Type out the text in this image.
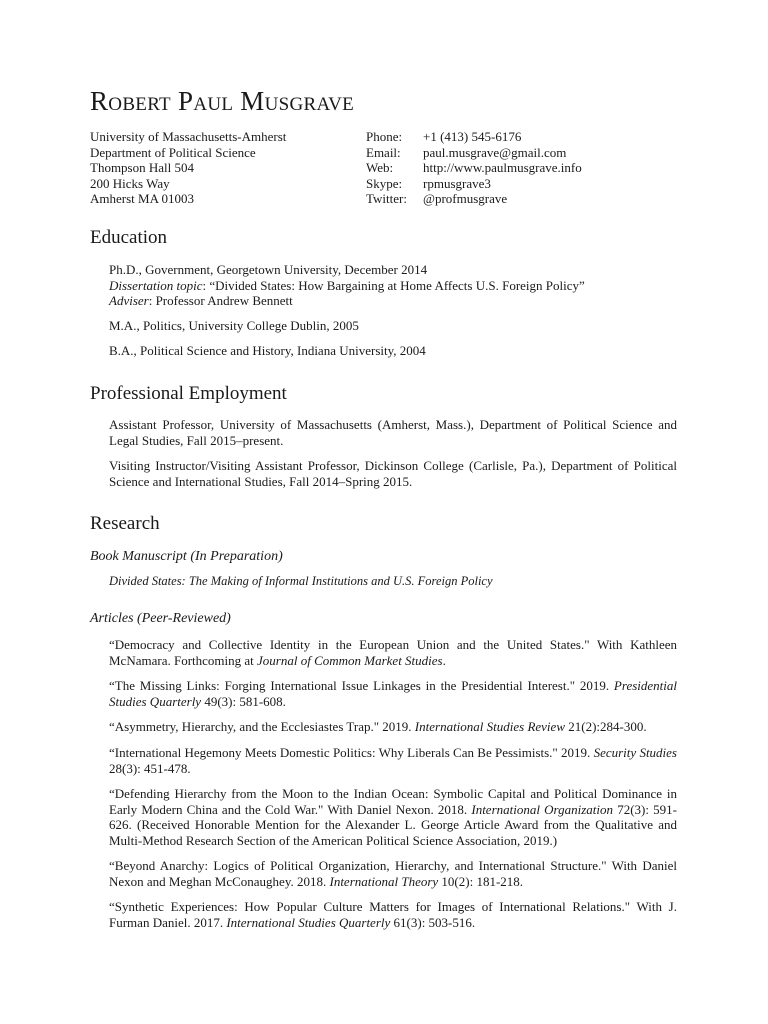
Robert Paul Musgrave
University of Massachusetts-Amherst
Department of Political Science
Thompson Hall 504
200 Hicks Way
Amherst MA 01003
Phone:	+1 (413) 545-6176
Email:	paul.musgrave@gmail.com
Web:	http://www.paulmusgrave.info
Skype:	rpmusgrave3
Twitter:	@profmusgrave
Education
Ph.D., Government, Georgetown University, December 2014
Dissertation topic: “Divided States: How Bargaining at Home Affects U.S. Foreign Policy”
Adviser: Professor Andrew Bennett
M.A., Politics, University College Dublin, 2005
B.A., Political Science and History, Indiana University, 2004
Professional Employment
Assistant Professor, University of Massachusetts (Amherst, Mass.), Department of Political Science and Legal Studies, Fall 2015–present.
Visiting Instructor/Visiting Assistant Professor, Dickinson College (Carlisle, Pa.), Department of Political Science and International Studies, Fall 2014–Spring 2015.
Research
Book Manuscript (In Preparation)
Divided States: The Making of Informal Institutions and U.S. Foreign Policy
Articles (Peer-Reviewed)
“Democracy and Collective Identity in the European Union and the United States." With Kathleen McNamara. Forthcoming at Journal of Common Market Studies.
“The Missing Links: Forging International Issue Linkages in the Presidential Interest." 2019. Presidential Studies Quarterly 49(3): 581-608.
“Asymmetry, Hierarchy, and the Ecclesiastes Trap." 2019. International Studies Review 21(2):284-300.
“International Hegemony Meets Domestic Politics: Why Liberals Can Be Pessimists." 2019. Security Studies 28(3): 451-478.
“Defending Hierarchy from the Moon to the Indian Ocean: Symbolic Capital and Political Dominance in Early Modern China and the Cold War." With Daniel Nexon. 2018. International Organization 72(3): 591-626. (Received Honorable Mention for the Alexander L. George Article Award from the Qualitative and Multi-Method Research Section of the American Political Science Association, 2019.)
“Beyond Anarchy: Logics of Political Organization, Hierarchy, and International Structure." With Daniel Nexon and Meghan McConaughey. 2018. International Theory 10(2): 181-218.
“Synthetic Experiences: How Popular Culture Matters for Images of International Relations." With J. Furman Daniel. 2017. International Studies Quarterly 61(3): 503-516.
